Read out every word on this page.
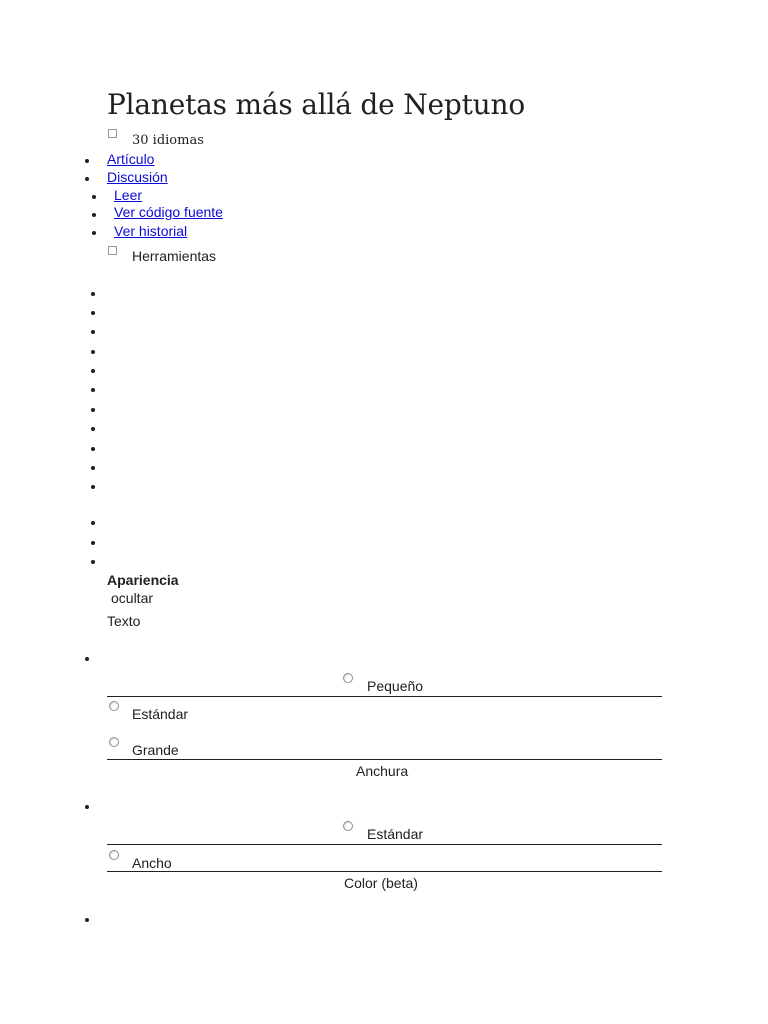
Planetas más allá de Neptuno
30 idiomas
Artículo
Discusión
Leer
Ver código fuente
Ver historial
Herramientas
Apariencia
ocultar
Texto
Pequeño
Estándar
Grande
Anchura
Estándar
Ancho
Color (beta)
